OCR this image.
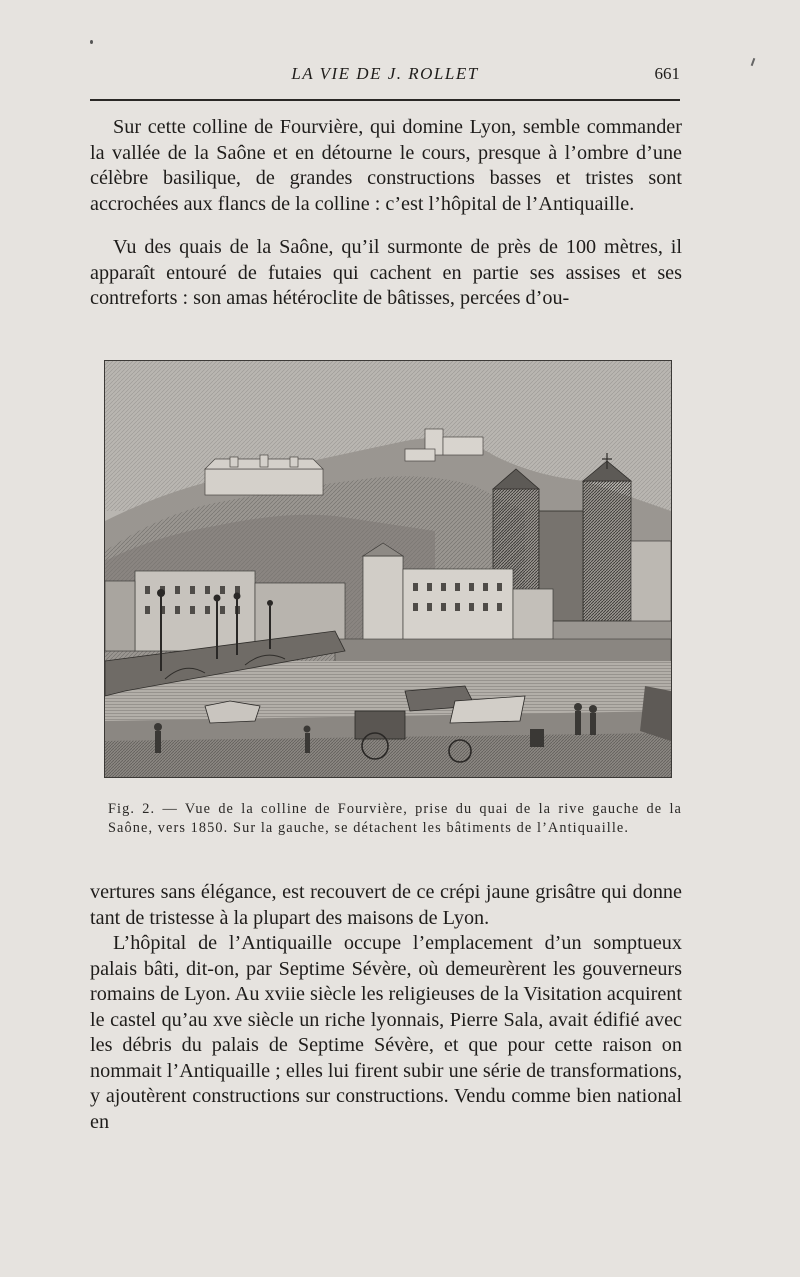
LA VIE DE J. ROLLET	661

Sur cette colline de Fourvière, qui domine Lyon, semble commander la vallée de la Saône et en détourne le cours, presque à l’ombre d’une célèbre basilique, de grandes constructions basses et tristes sont accrochées aux flancs de la colline : c’est l’hôpital de l’Antiquaille.

Vu des quais de la Saône, qu’il surmonte de près de 100 mètres, il apparaît entouré de futaies qui cachent en partie ses assises et ses contreforts : son amas hétéroclite de bâtisses, percées d’ou-

Fig. 2. — Vue de la colline de Fourvière, prise du quai de la rive gauche de la Saône, vers 1850. Sur la gauche, se détachent les bâtiments de l’Antiquaille.

vertures sans élégance, est recouvert de ce crépi jaune grisâtre qui donne tant de tristesse à la plupart des maisons de Lyon.

L’hôpital de l’Antiquaille occupe l’emplacement d’un somptueux palais bâti, dit-on, par Septime Sévère, où demeurèrent les gouverneurs romains de Lyon. Au xviie siècle les religieuses de la Visitation acquirent le castel qu’au xve siècle un riche lyonnais, Pierre Sala, avait édifié avec les débris du palais de Septime Sévère, et que pour cette raison on nommait l’Antiquaille ; elles lui firent subir une série de transformations, y ajoutèrent constructions sur constructions. Vendu comme bien national en
